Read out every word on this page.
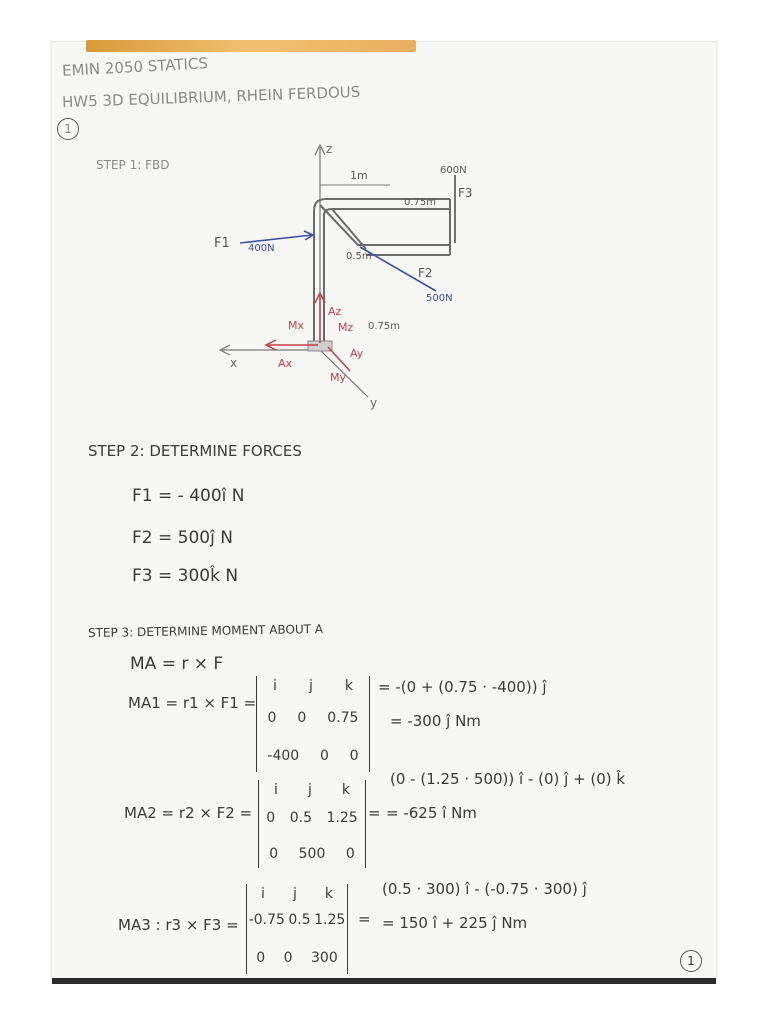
EMIN 2050 STATICS
HW5 3D EQUILIBRIUM, RHEIN FERDOUS
1
STEP 1: FBD
z
x
y
1m
0.75m
0.5m
0.75m
F1 400N
F2
500N
600N
F3
Az
Ax
Ay
Mx
My
Mz
STEP 2: DETERMINE FORCES
F1 = - 400î N
F2 = 500ĵ N
F3 = 300k̂ N
STEP 3: DETERMINE MOMENT ABOUT A
MA = r × F
MA1 = r1 × F1 =
i j k
0 0 0.75
-400 0 0
= -(0 + (0.75 · -400)) ĵ
= -300 ĵ Nm
MA2 = r2 × F2 =
i j k
0 0.5 1.25
0 500 0
=
(0 - (1.25 · 500)) î - (0) ĵ + (0) k̂
= -625 î Nm
MA3 : r3 × F3 =
i j k
-0.75 0.5 1.25
0 0 300
=
(0.5 · 300) î - (-0.75 · 300) ĵ
= 150 î + 225 ĵ Nm
1
